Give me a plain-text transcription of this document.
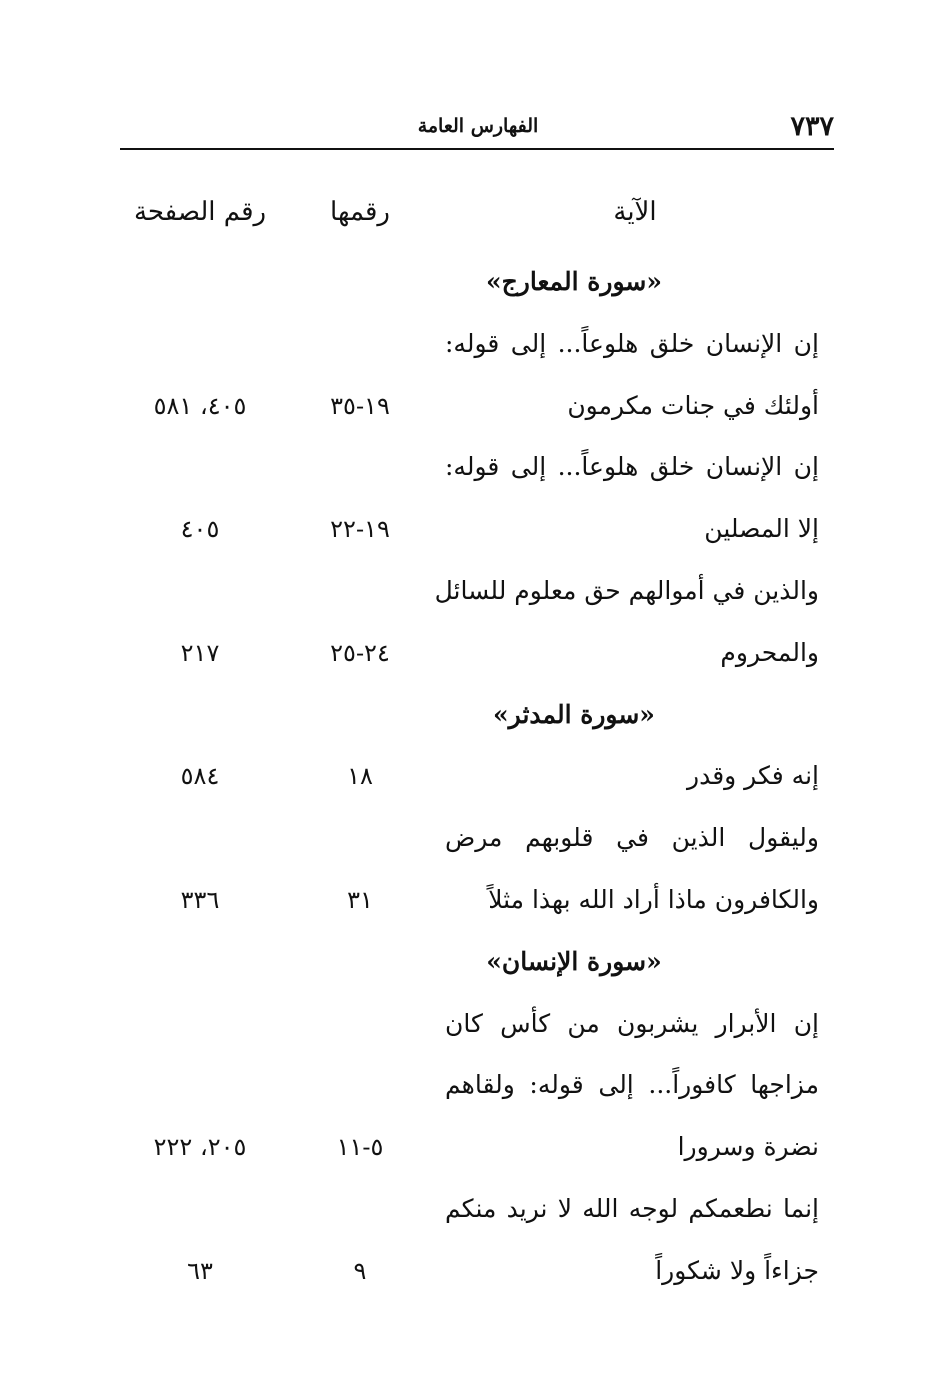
٧٣٧
الفهارس العامة
الآية
رقمها
رقم الصفحة
«سورة المعارج»
إن الإنسان خلق هلوعاً... إلى قوله:
أولئك في جنات مكرمون
١٩-٣٥
٤٠٥، ٥٨١
إن الإنسان خلق هلوعاً... إلى قوله:
إلا المصلين
١٩-٢٢
٤٠٥
والذين في أموالهم حق معلوم للسائل
والمحروم
٢٤-٢٥
٢١٧
«سورة المدثر»
إنه فكر وقدر
١٨
٥٨٤
وليقول الذين في قلوبهم مرض
والكافرون ماذا أراد الله بهذا مثلاً
٣١
٣٣٦
«سورة الإنسان»
إن الأبرار يشربون من كأس كان
مزاجها كافوراً... إلى قوله: ولقاهم
نضرة وسرورا
٥-١١
٢٠٥، ٢٢٢
إنما نطعمكم لوجه الله لا نريد منكم
جزاءاً ولا شكوراً
٩
٦٣
